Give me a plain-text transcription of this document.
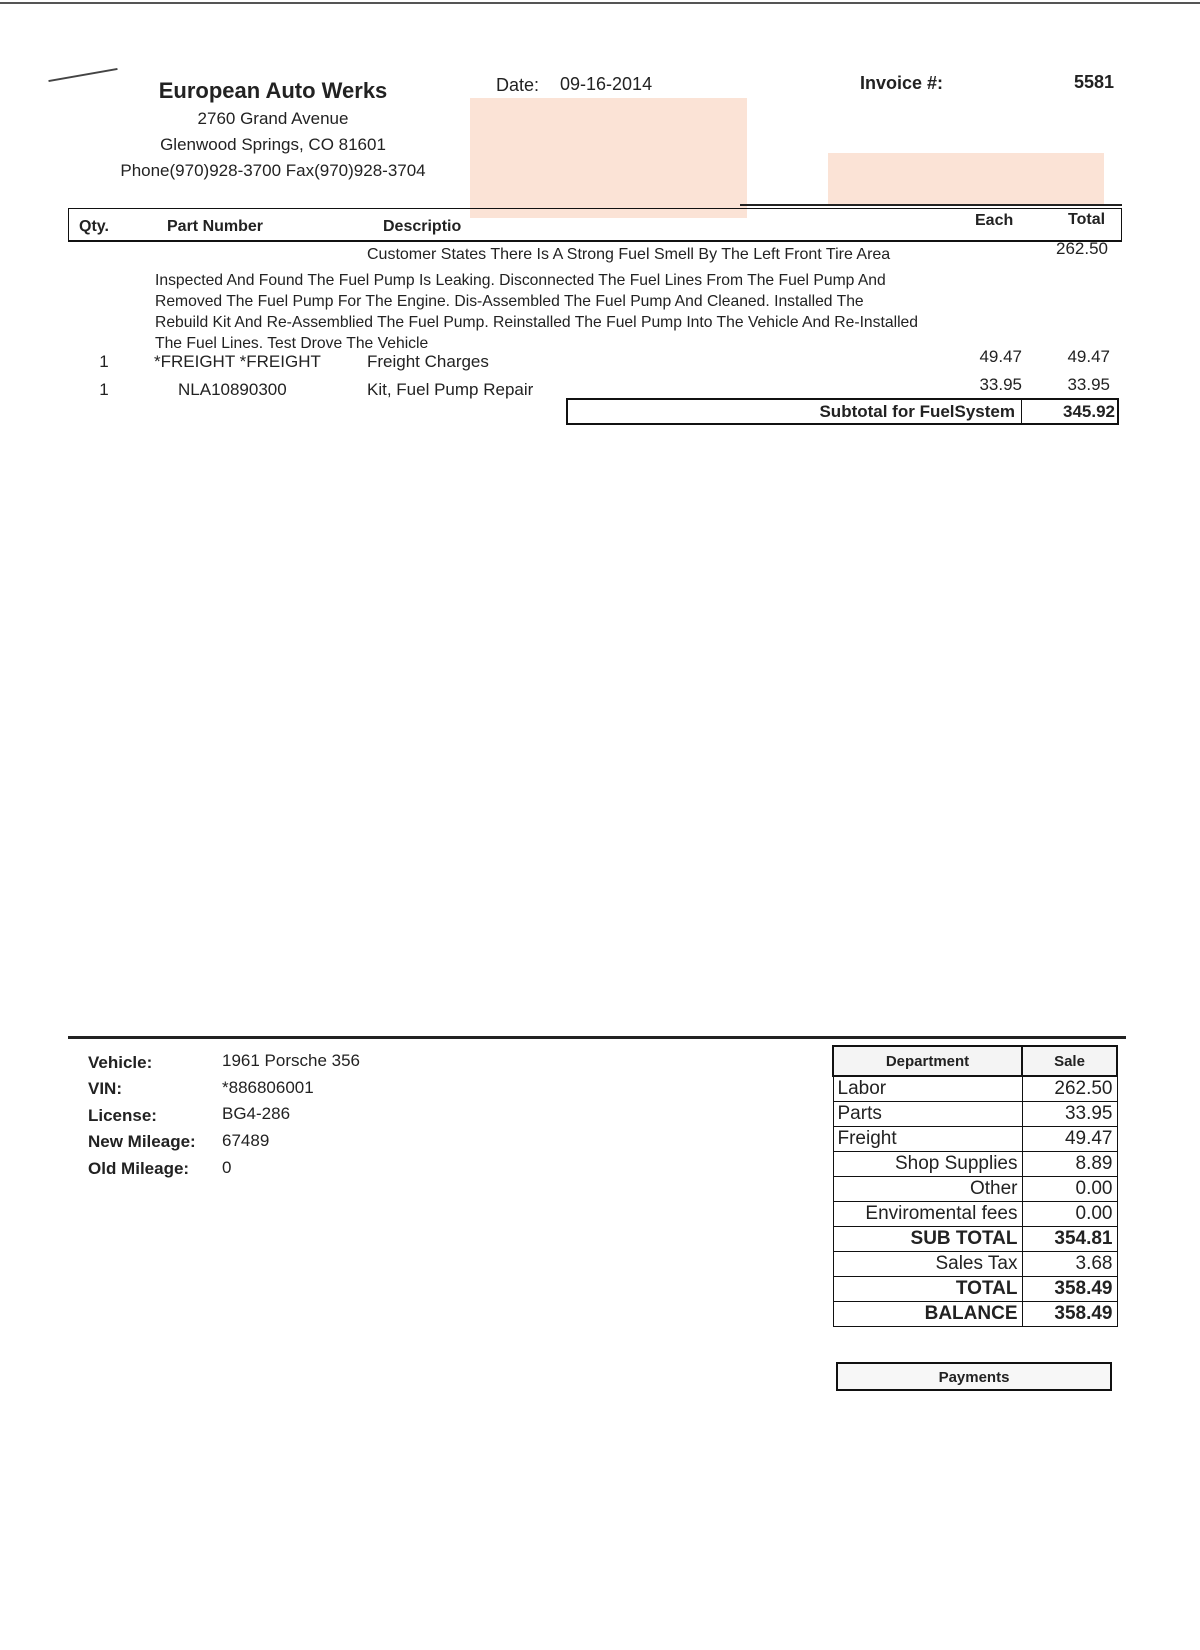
European Auto Werks
2760 Grand Avenue
Glenwood Springs, CO 81601
Phone(970)928-3700 Fax(970)928-3704
Date: 09-16-2014	Invoice #:	5581
Qty.	Part Number	Descriptio	Each	Total
Customer States There Is A Strong Fuel Smell By The Left Front Tire Area	262.50
Inspected And Found The Fuel Pump Is Leaking. Disconnected The Fuel Lines From The Fuel Pump And
Removed The Fuel Pump For The Engine. Dis-Assembled The Fuel Pump And Cleaned. Installed The
Rebuild Kit And Re-Assemblied The Fuel Pump. Reinstalled The Fuel Pump Into The Vehicle And Re-Installed
The Fuel Lines. Test Drove The Vehicle
1	*FREIGHT *FREIGHT	Freight Charges	49.47	49.47
1	NLA10890300	Kit, Fuel Pump Repair	33.95	33.95
Subtotal for FuelSystem	345.92
Vehicle:	1961 Porsche 356
VIN:	*886806001
License:	BG4-286
New Mileage: 67489
Old Mileage: 0
Department	Sale
Labor	262.50
Parts	33.95
Freight	49.47
Shop Supplies	8.89
Other	0.00
Enviromental fees	0.00
SUB TOTAL	354.81
Sales Tax	3.68
TOTAL	358.49
BALANCE	358.49
Payments
